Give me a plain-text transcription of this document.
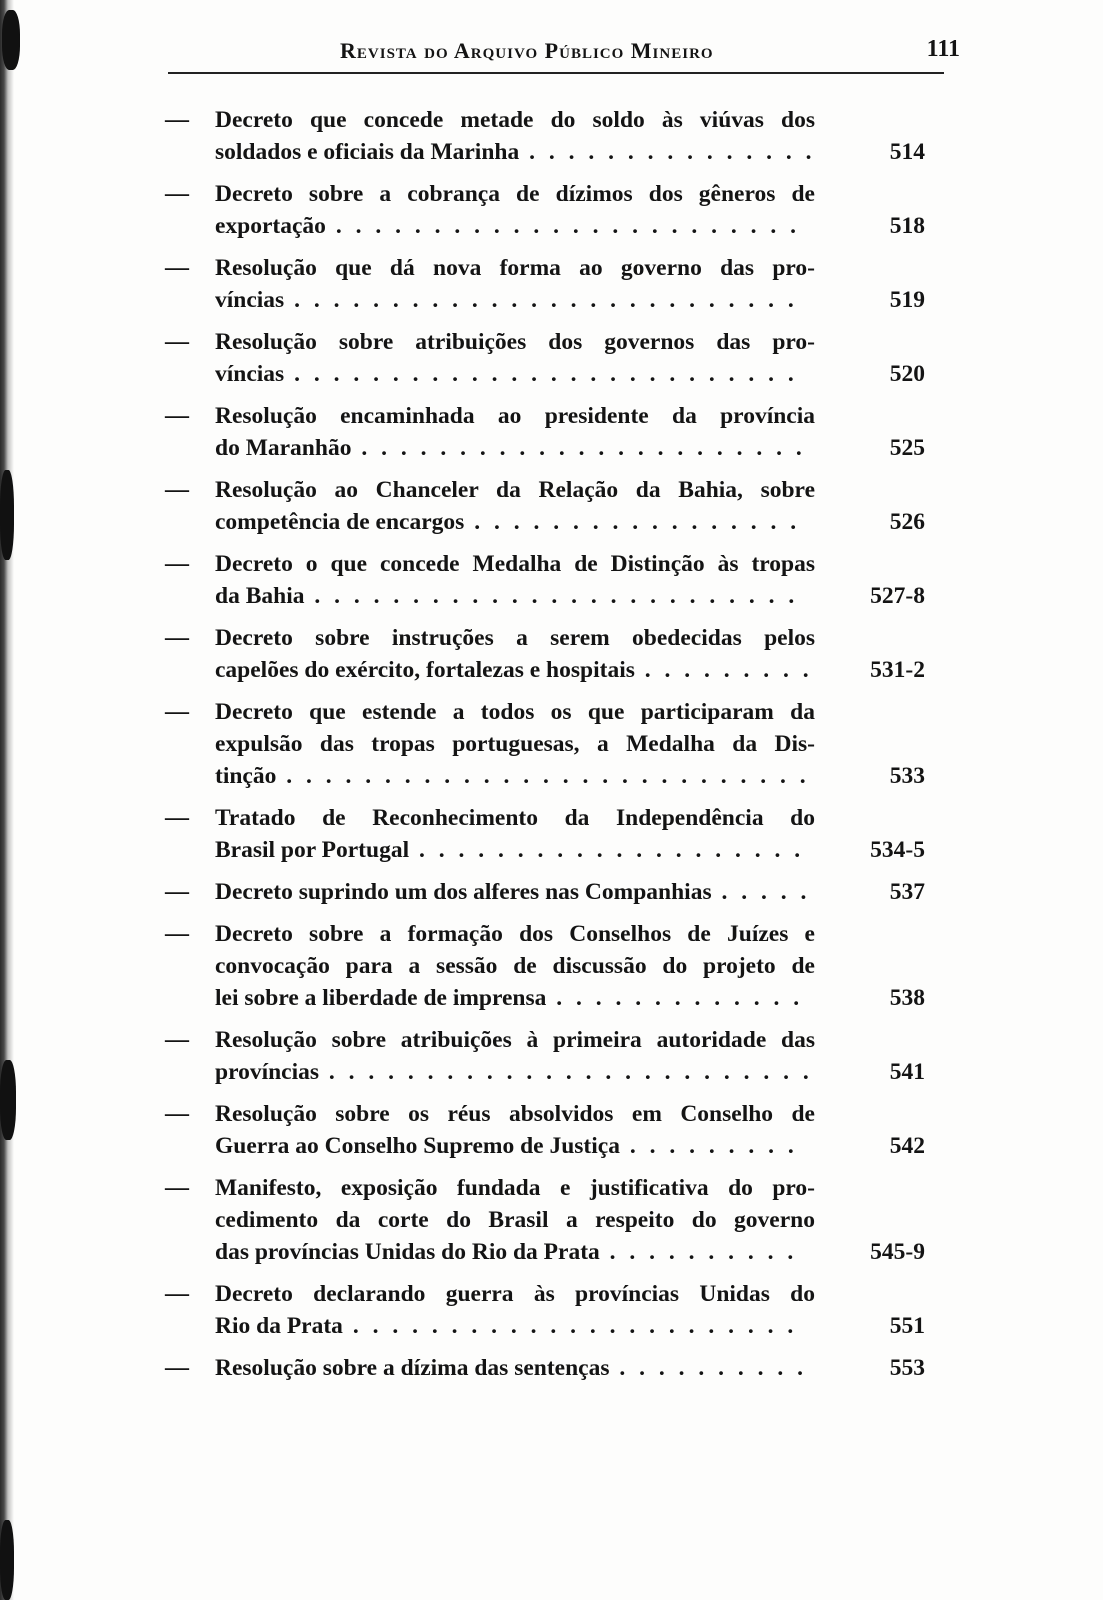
Revista do Arquivo Público Mineiro	111
— Decreto que concede metade do soldo às viúvas dos
soldados e oficiais da Marinha . . . . . . . . . . . . . . .	514
— Decreto sobre a cobrança de dízimos dos gêneros de
exportação . . . . . . . . . . . . . . . . . . . . . . . .	518
— Resolução que dá nova forma ao governo das pro-
víncias . . . . . . . . . . . . . . . . . . . . . . . . . .	519
— Resolução sobre atribuições dos governos das pro-
víncias . . . . . . . . . . . . . . . . . . . . . . . . . .	520
— Resolução encaminhada ao presidente da província
do Maranhão . . . . . . . . . . . . . . . . . . . . . . .	525
— Resolução ao Chanceler da Relação da Bahia, sobre
competência de encargos . . . . . . . . . . . . . . . . .	526
— Decreto o que concede Medalha de Distinção às tropas
da Bahia . . . . . . . . . . . . . . . . . . . . . . . . .	527-8
— Decreto sobre instruções a serem obedecidas pelos
capelões do exército, fortalezas e hospitais . . . . . . . . . 531-2
— Decreto que estende a todos os que participaram da
expulsão das tropas portuguesas, a Medalha da Dis-
tinção . . . . . . . . . . . . . . . . . . . . . . . . . . .	533
— Tratado de Reconhecimento da Independência do
Brasil por Portugal . . . . . . . . . . . . . . . . . . . .	534-5
— Decreto suprindo um dos alferes nas Companhias . . . . .	537
— Decreto sobre a formação dos Conselhos de Juízes e
convocação para a sessão de discussão do projeto de
lei sobre a liberdade de imprensa . . . . . . . . . . . . .	538
— Resolução sobre atribuições à primeira autoridade das
províncias . . . . . . . . . . . . . . . . . . . . . . . . .	541
— Resolução sobre os réus absolvidos em Conselho de
Guerra ao Conselho Supremo de Justiça . . . . . . . . .	542
— Manifesto, exposição fundada e justificativa do pro-
cedimento da corte do Brasil a respeito do governo
das províncias Unidas do Rio da Prata . . . . . . . . . .	545-9
— Decreto declarando guerra às províncias Unidas do
Rio da Prata . . . . . . . . . . . . . . . . . . . . . . .	551
— Resolução sobre a dízima das sentenças . . . . . . . . . .	553
